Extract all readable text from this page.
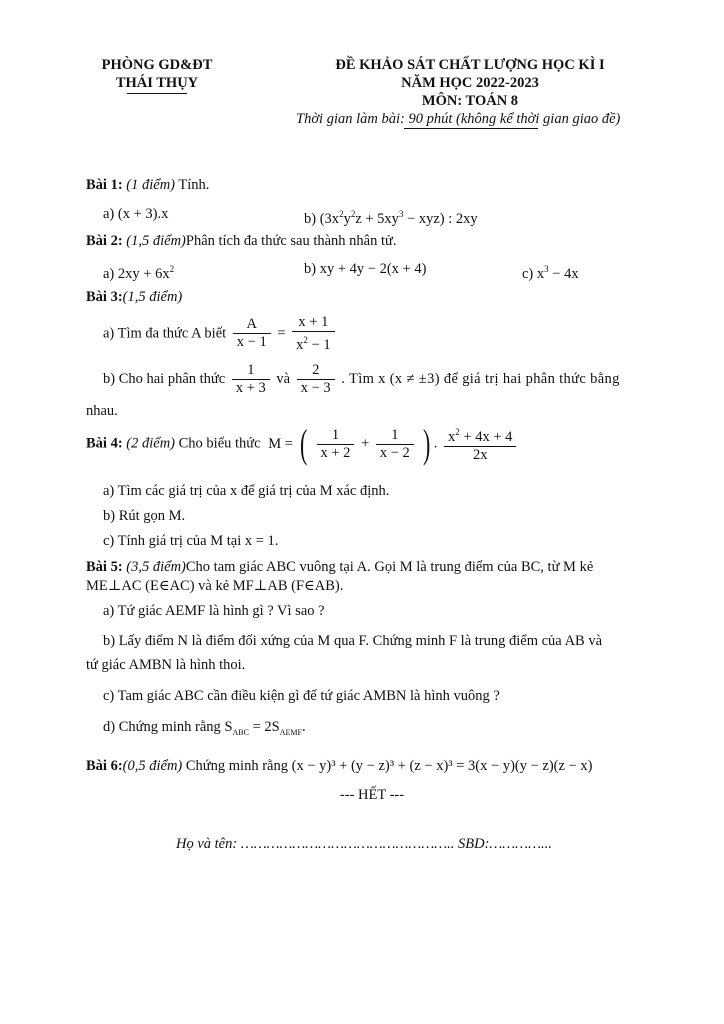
PHÒNG GD&ĐT
THÁI THỤY
ĐỀ KHẢO SÁT CHẤT LƯỢNG HỌC KÌ I
NĂM HỌC 2022-2023
MÔN: TOÁN 8
Thời gian làm bài: 90 phút (không kể thời gian giao đề)
Bài 1: (1 điểm) Tính.
a) (x + 3).x	b) $(3x^2y^2z + 5xy^3 - xyz)$ : 2xy
Bài 2: (1,5 điểm)Phân tích đa thức sau thành nhân tử.
a) $2xy + 6x^2$	b) xy + 4y − 2(x + 4)	c) $x^3 - 4x$
Bài 3:(1,5 điểm)
a) Tìm đa thức A biết $\frac{A}{x - 1} = \frac{x + 1}{x^2 - 1}$
b) Cho hai phân thức $\frac{1}{x + 3}$ và $\frac{2}{x - 3}$ . Tìm x (x ≠ ±3) để giá trị hai phân thức bằng
nhau.
Bài 4: (2 điểm) Cho biểu thức M = ( $\frac{1}{x + 2} + \frac{1}{x - 2}$ ) . $\frac{x^2 + 4x + 4}{2x}$
a) Tìm các giá trị của x để giá trị của M xác định.
b) Rút gọn M.
c) Tính giá trị của M tại x = 1.
Bài 5: (3,5 điểm)Cho tam giác ABC vuông tại A. Gọi M là trung điểm của BC, từ M kẻ
ME⊥AC (E∈AC) và kẻ MF⊥AB (F∈AB).
a) Tứ giác AEMF là hình gì ? Vì sao ?
b) Lấy điểm N là điểm đối xứng của M qua F. Chứng minh F là trung điểm của AB và
tứ giác AMBN là hình thoi.
c) Tam giác ABC cần điều kiện gì để tứ giác AMBN là hình vuông ?
d) Chứng minh rằng $S_{ABC} = 2S_{AEMF}$.
Bài 6:(0,5 điểm) Chứng minh rằng (x − y)³ + (y − z)³ + (z − x)³ = 3(x − y)(y − z)(z − x)
--- HẾT ---
Họ và tên: ………………………………………….. SBD:…………...
